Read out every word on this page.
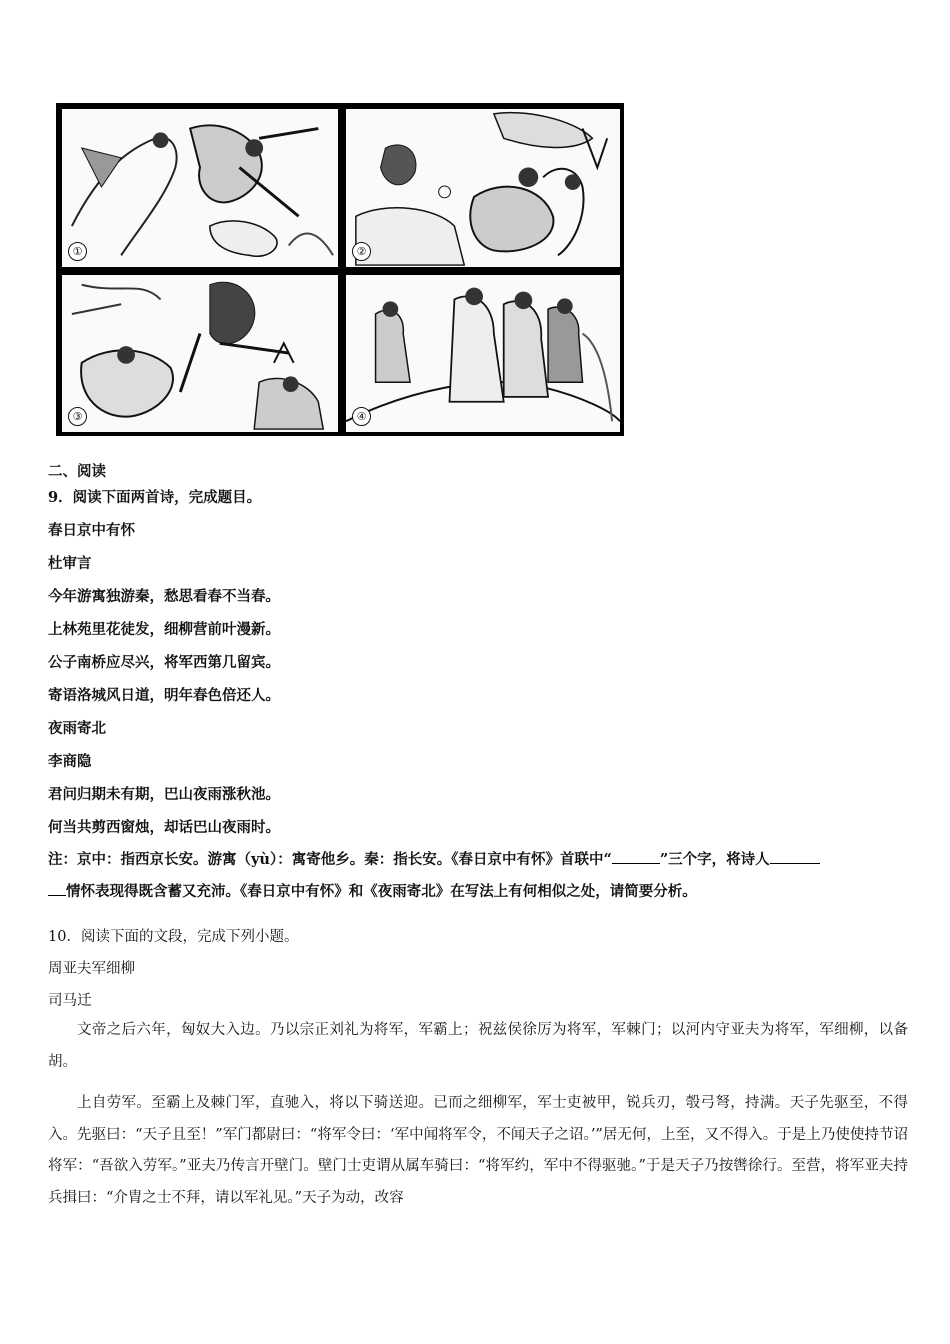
①	②
③	④
二、阅读
9．阅读下面两首诗，完成题目。
春日京中有怀
杜审言
今年游寓独游秦，愁思看春不当春。
上林苑里花徒发，细柳营前叶漫新。
公子南桥应尽兴，将军西第几留宾。
寄语洛城风日道，明年春色倍还人。
夜雨寄北
李商隐
君问归期未有期，巴山夜雨涨秋池。
何当共剪西窗烛，却话巴山夜雨时。
注：京中：指西京长安。游寓（yù）：寓寄他乡。秦：指长安。《春日京中有怀》首联中“	”三个字，将诗人
情怀表现得既含蓄又充沛。《春日京中有怀》和《夜雨寄北》在写法上有何相似之处，请简要分析。
10．阅读下面的文段，完成下列小题。
周亚夫军细柳
司马迁
文帝之后六年，匈奴大入边。乃以宗正刘礼为将军，军霸上；祝兹侯徐厉为将军，军棘门；以河内守亚夫为将军，军细柳，以备胡。
上自劳军。至霸上及棘门军，直驰入，将以下骑送迎。已而之细柳军，军士吏被甲，锐兵刃，彀弓弩，持满。天子先驱至，不得入。先驱曰：“天子且至！”军门都尉曰：“将军令曰：‘军中闻将军令，不闻天子之诏。’”居无何，上至，又不得入。于是上乃使使持节诏将军：“吾欲入劳军。”亚夫乃传言开壁门。壁门士吏谓从属车骑曰：“将军约，军中不得驱驰。”于是天子乃按辔徐行。至营，将军亚夫持兵揖曰：“介胄之士不拜，请以军礼见。”天子为动，改容
